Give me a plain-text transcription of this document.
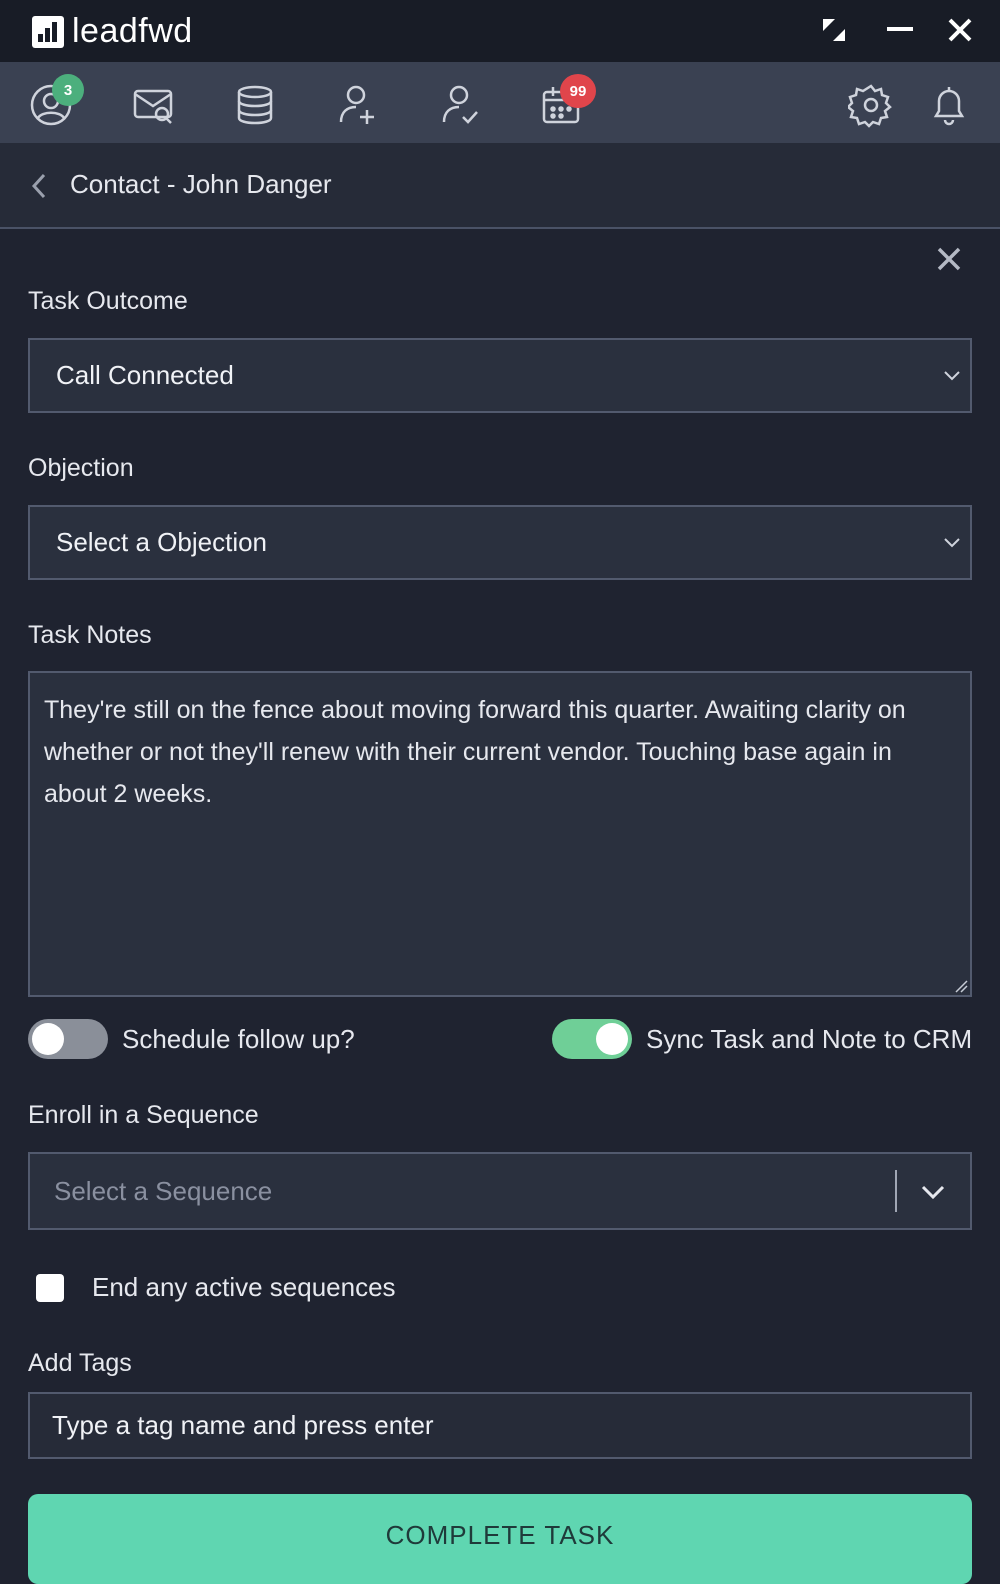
leadfwd
3	99
Contact - John Danger
Task Outcome
Call Connected
Objection
Select a Objection
Task Notes
They're still on the fence about moving forward this quarter. Awaiting clarity on whether or not they'll renew with their current vendor. Touching base again in about 2 weeks.
Schedule follow up?	Sync Task and Note to CRM
Enroll in a Sequence
Select a Sequence
End any active sequences
Add Tags
Type a tag name and press enter
COMPLETE TASK
